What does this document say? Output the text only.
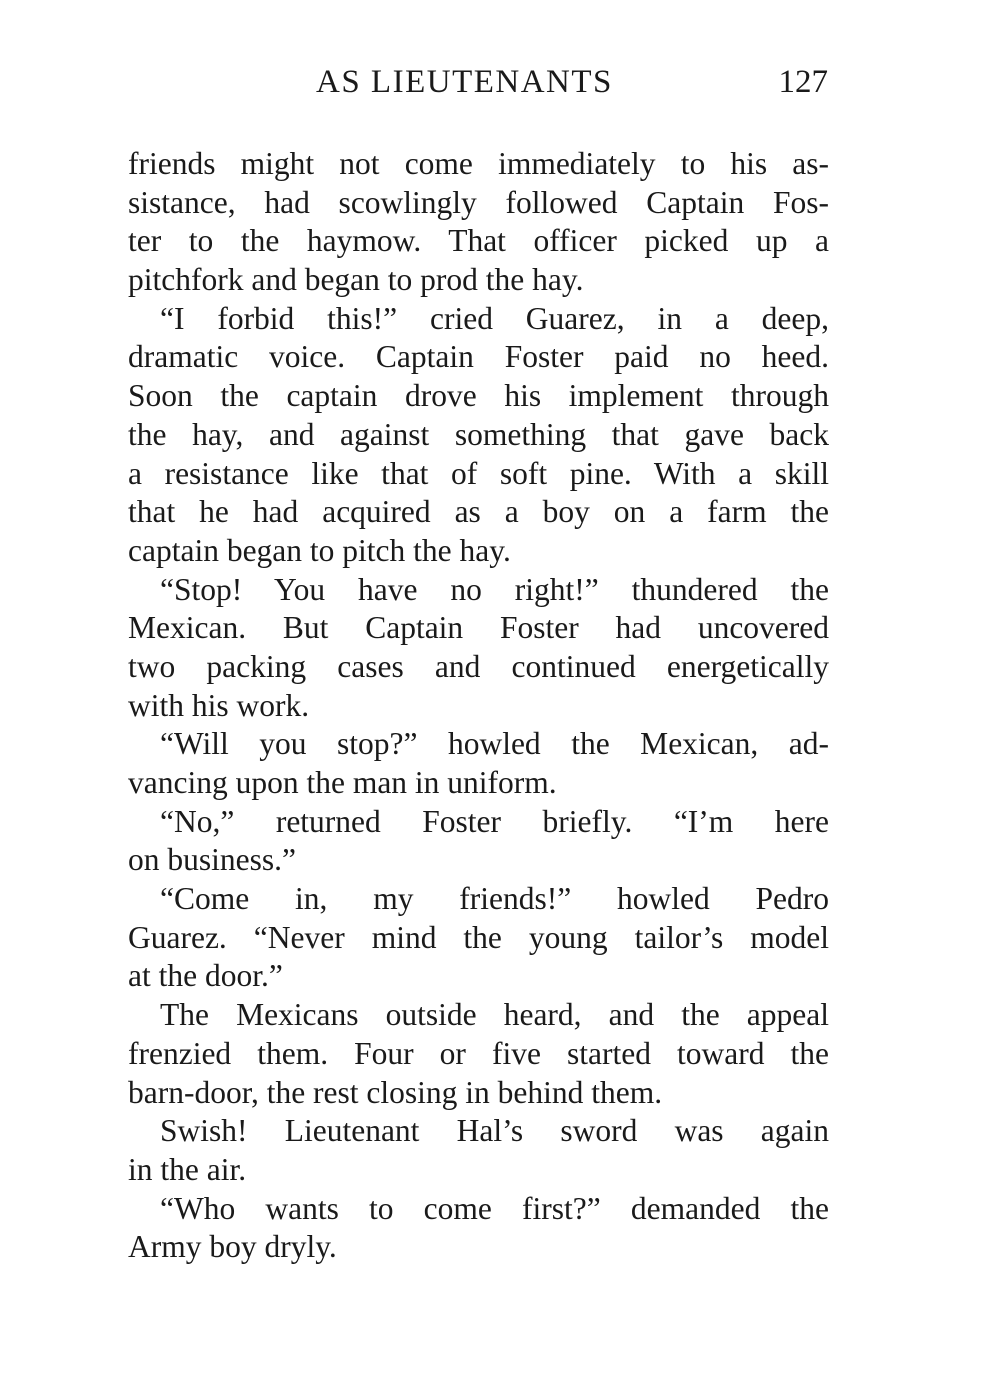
AS LIEUTENANTS	127
friends might not come immediately to his as-
sistance, had scowlingly followed Captain Fos-
ter to the haymow. That officer picked up a
pitchfork and began to prod the hay.
“I forbid this!” cried Guarez, in a deep,
dramatic voice. Captain Foster paid no heed.
Soon the captain drove his implement through
the hay, and against something that gave back
a resistance like that of soft pine. With a skill
that he had acquired as a boy on a farm the
captain began to pitch the hay.
“Stop! You have no right!” thundered the
Mexican. But Captain Foster had uncovered
two packing cases and continued energetically
with his work.
“Will you stop?” howled the Mexican, ad-
vancing upon the man in uniform.
“No,” returned Foster briefly. “I’m here
on business.”
“Come in, my friends!” howled Pedro
Guarez. “Never mind the young tailor’s model
at the door.”
The Mexicans outside heard, and the appeal
frenzied them. Four or five started toward the
barn-door, the rest closing in behind them.
Swish! Lieutenant Hal’s sword was again
in the air.
“Who wants to come first?” demanded the
Army boy dryly.
